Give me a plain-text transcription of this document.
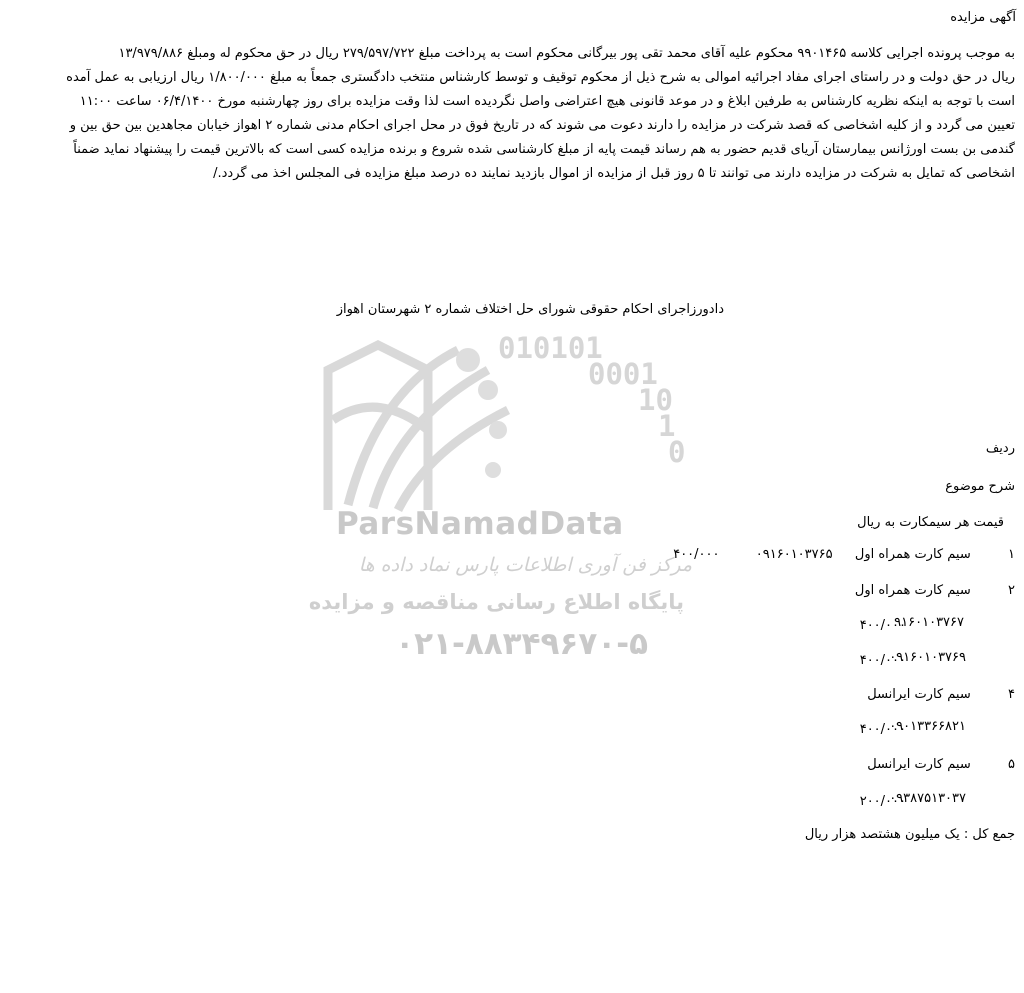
010101
0001
10
1
0
ParsNamadData
مرکز فن آوری اطلاعات پارس نماد داده ها
پایگاه اطلاع رسانی مناقصه و مزایده
۰۲۱-۸۸۳۴۹۶۷۰-۵
آگهی مزایده
به موجب پرونده اجرایی کلاسه ۹۹۰۱۴۶۵ محکوم علیه آقای محمد تقی پور بیرگانی محکوم است به پرداخت مبلغ ۲۷۹/۵۹۷/۷۲۲ ریال در حق محکوم له ومبلغ ۱۳/۹۷۹/۸۸۶
ریال در حق دولت و در راستای اجرای مفاد اجرائیه اموالی به شرح ذیل از محکوم توقیف و توسط کارشناس منتخب دادگستری جمعاً به مبلغ ۱/۸۰۰/۰۰۰ ریال ارزیابی به عمل آمده
است با توجه به اینکه نظریه کارشناس به طرفین ابلاغ و در موعد قانونی هیچ اعتراضی واصل نگردیده است لذا وقت مزایده برای روز چهارشنبه مورخ ۰۶/۴/۱۴۰۰ ساعت ۱۱:۰۰
تعیین می گردد و از کلیه اشخاصی که قصد شرکت در مزایده را دارند دعوت می شوند که در تاریخ فوق در محل اجرای احکام مدنی شماره ۲ اهواز خیابان مجاهدین بین حق بین و
گندمی بن بست اورژانس بیمارستان آریای قدیم حضور به هم رساند قیمت پایه از مبلغ کارشناسی شده شروع و برنده مزایده کسی است که بالاترین قیمت را پیشنهاد نماید ضمناً
اشخاصی که تمایل به شرکت در مزایده دارند می توانند تا ۵ روز قبل از مزایده از اموال بازدید نمایند ده درصد مبلغ مزایده فی المجلس اخذ می گردد./
دادورزاجرای احکام حقوقی شورای حل اختلاف شماره ۲ شهرستان اهواز
ردیف
شرح موضوع
قیمت هر سیمکارت به ریال
۱  سیم کارت همراه اول  ۰۹۱۶۰۱۰۳۷۶۵  ۴۰۰/۰۰۰
۲  سیم کارت همراه اول
۹۱۶۰۱۰۳۷۶۷
۴۰۰/۰۰۰
۰۹۱۶۰۱۰۳۷۶۹
۴۰۰/۰۰۰
۴  سیم کارت ایرانسل
۰۹۰۱۳۳۶۶۸۲۱
۴۰۰/۰۰۰
۵  سیم کارت ایرانسل
۰۹۳۸۷۵۱۳۰۳۷
۲۰۰/۰۰۰
جمع کل : یک میلیون هشتصد هزار ریال
